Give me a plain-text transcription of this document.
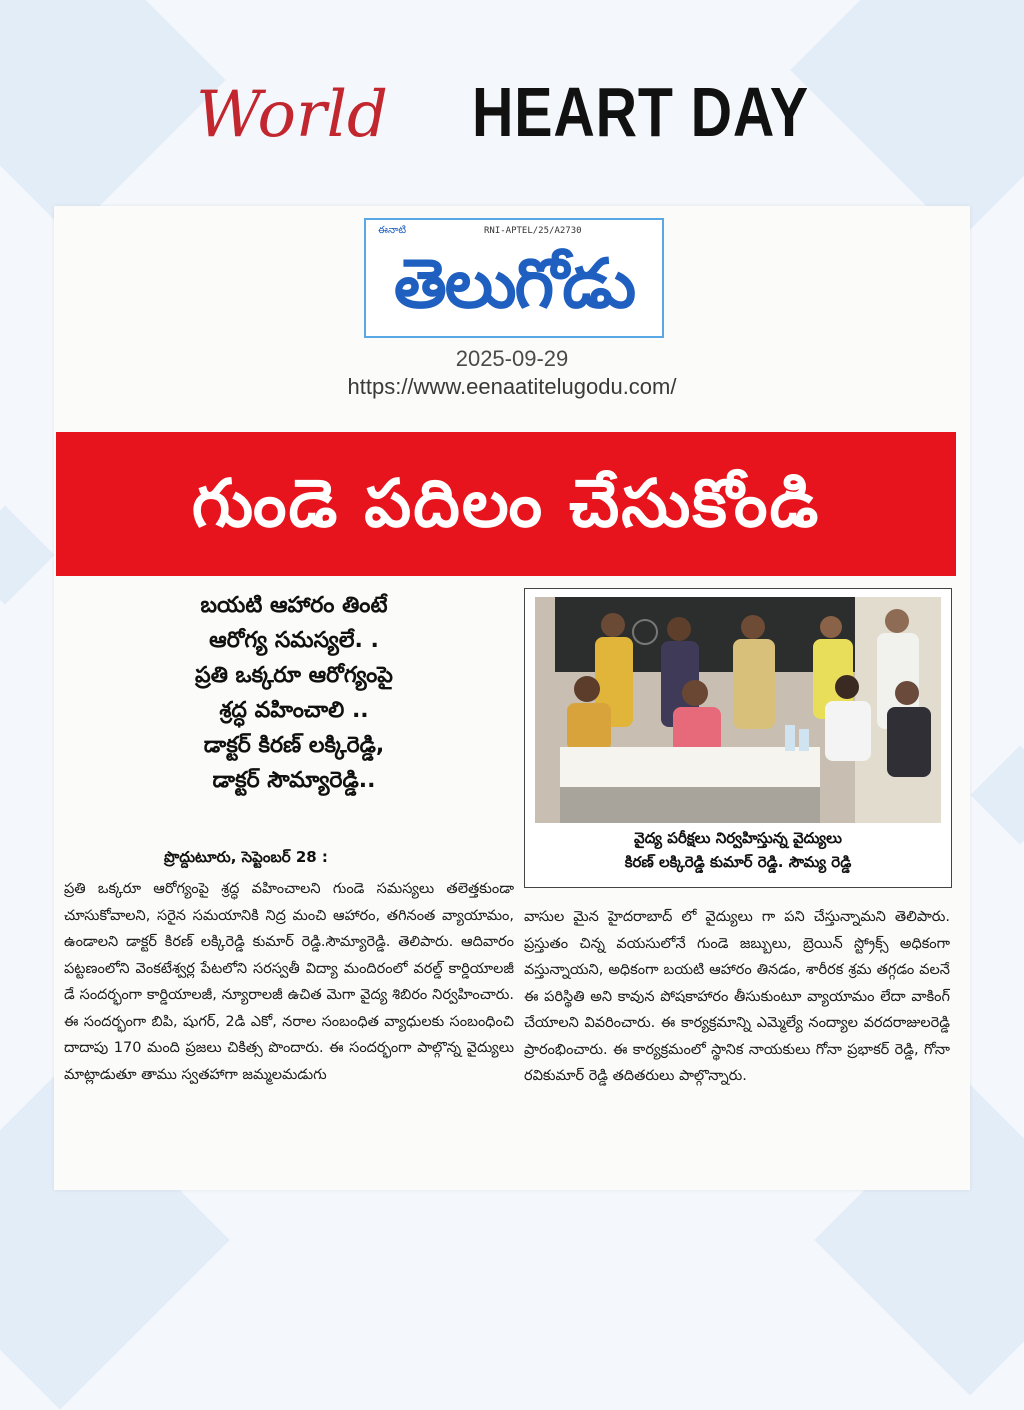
World HEART DAY
ఈనాటి	RNI-APTEL/25/A2730
తెలుగోడు
2025-09-29
https://www.eenaatitelugodu.com/
గుండె పదిలం చేసుకోండి
బయటి ఆహారం తింటే
ఆరోగ్య సమస్యలే. .
ప్రతి ఒక్కరూ ఆరోగ్యంపై
శ్రద్ధ వహించాలి ..
డాక్టర్ కిరణ్ లక్కిరెడ్డి,
డాక్టర్ సౌమ్యారెడ్డి..
వైద్య పరీక్షలు నిర్వహిస్తున్న వైద్యులు
కిరణ్ లక్కిరెడ్డి కుమార్ రెడ్డి. సౌమ్య రెడ్డి
ప్రొద్దుటూరు, సెప్టెంబర్ 28 :
ప్రతి ఒక్కరూ ఆరోగ్యంపై శ్రద్ధ వహించాలని గుండె సమస్యలు తలెత్తకుండా చూసుకోవాలని, సరైన సమయానికి నిద్ర మంచి ఆహారం, తగినంత వ్యాయామం, ఉండాలని డాక్టర్ కిరణ్ లక్కిరెడ్డి కుమార్ రెడ్డి.సౌమ్యారెడ్డి. తెలిపారు. ఆదివారం పట్టణంలోని వెంకటేశ్వర్ల పేటలోని సరస్వతీ విద్యా మందిరంలో వరల్డ్ కార్డియాలజీ డే సందర్భంగా కార్డియాలజీ, న్యూరాలజీ ఉచిత మెగా వైద్య శిబిరం నిర్వహించారు. ఈ సందర్భంగా బిపి, షుగర్, 2డి ఎకో, నరాల సంబంధిత వ్యాధులకు సంబంధించి దాదాపు 170 మంది ప్రజలు చికిత్స పొందారు. ఈ సందర్భంగా పాల్గొన్న వైద్యులు మాట్లాడుతూ తాము స్వతహాగా జమ్మలమడుగు
వాసుల మైన హైదరాబాద్ లో వైద్యులు గా పని చేస్తున్నామని తెలిపారు. ప్రస్తుతం చిన్న వయసులోనే గుండె జబ్బులు, బ్రెయిన్ స్ట్రోక్స్ అధికంగా వస్తున్నాయని, అధికంగా బయటి ఆహారం తినడం, శారీరక శ్రమ తగ్గడం వలనే ఈ పరిస్థితి అని కావున పోషకాహారం తీసుకుంటూ వ్యాయామం లేదా వాకింగ్ చేయాలని వివరించారు. ఈ కార్యక్రమాన్ని ఎమ్మెల్యే నంద్యాల వరదరాజులరెడ్డి ప్రారంభించారు. ఈ కార్యక్రమంలో స్థానిక నాయకులు గోనా ప్రభాకర్ రెడ్డి, గోనా రవికుమార్ రెడ్డి తదితరులు పాల్గొన్నారు.
